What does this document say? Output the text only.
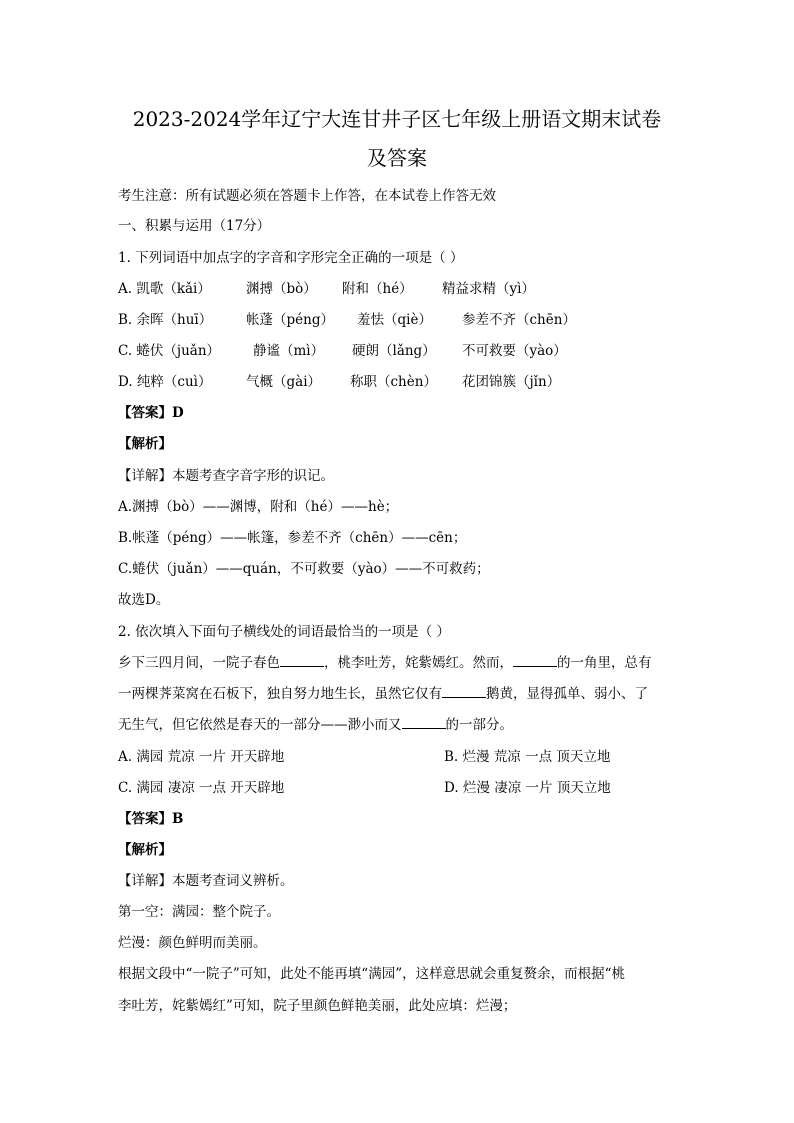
2023-2024学年辽宁大连甘井子区七年级上册语文期末试卷
及答案
考生注意：所有试题必须在答题卡上作答，在本试卷上作答无效
一、积累与运用（17分）
1. 下列词语中加点字的字音和字形完全正确的一项是（ ）
A. 凯歌（kǎi）	渊搏（bò） 附和（hé） 精益求精（yì）
B. 余晖（huī）	帐蓬（péng） 羞怯（qiè） 参差不齐（chēn）
C. 蜷伏（juǎn） 静谧（mì） 硬朗（lǎng） 不可救要（yào）
D. 纯粹（cuì）	气概（gài） 称职（chèn） 花团锦簇（jǐn）
【答案】D
【解析】
【详解】本题考查字音字形的识记。
A.渊搏（bò）——渊博，附和（hé）——hè；
B.帐蓬（péng）——帐篷，参差不齐（chēn）——cēn；
C.蜷伏（juǎn）——quán，不可救要（yào）——不可救药；
故选D。
2. 依次填入下面句子横线处的词语最恰当的一项是（ ）
乡下三四月间，一院子春色	，桃李吐芳，姹紫嫣红。然而，	的一角里，总有
一两棵荠菜窝在石板下，独自努力地生长，虽然它仅有	鹅黄，显得孤单、弱小、了
无生气，但它依然是春天的一部分——渺小而又	的一部分。
A. 满园 荒凉 一片 开天辟地	B. 烂漫 荒凉 一点 顶天立地
C. 满园 凄凉 一点 开天辟地	D. 烂漫 凄凉 一片 顶天立地
【答案】B
【解析】
【详解】本题考查词义辨析。
第一空：满园：整个院子。
烂漫：颜色鲜明而美丽。
根据文段中“一院子”可知，此处不能再填“满园”，这样意思就会重复赘余，而根据“桃
李吐芳，姹紫嫣红”可知，院子里颜色鲜艳美丽，此处应填：烂漫；
